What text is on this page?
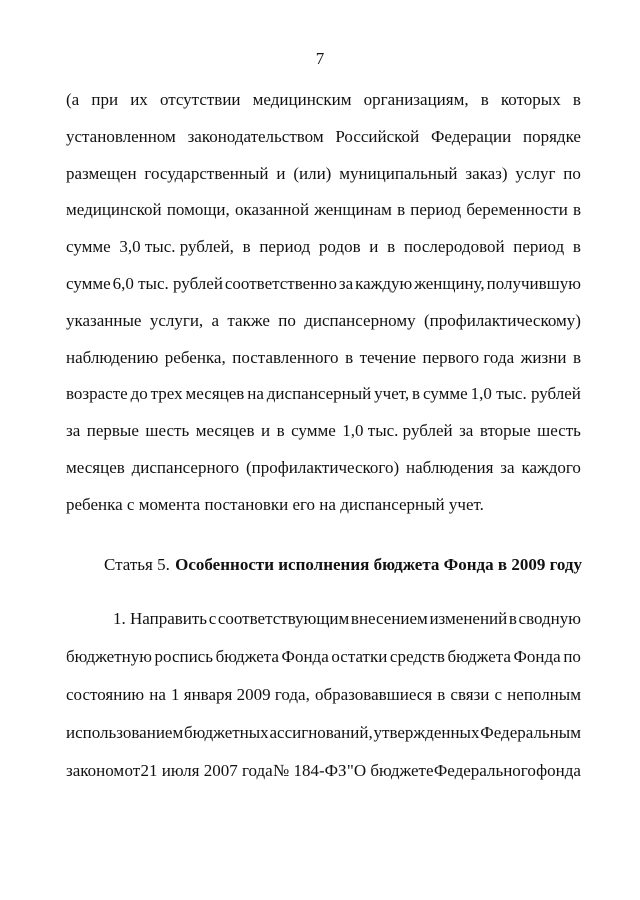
7
(а при их отсутствии медицинским организациям, в которых в
установленном законодательством Российской Федерации порядке
размещен государственный и (или) муниципальный заказ) услуг по
медицинской помощи, оказанной женщинам в период беременности в
сумме 3,0 тыс. рублей, в период родов и в послеродовой период в
сумме 6,0 тыс. рублей соответственно за каждую женщину, получившую
указанные услуги, а также по диспансерному (профилактическому)
наблюдению ребенка, поставленного в течение первого года жизни в
возрасте до трех месяцев на диспансерный учет, в сумме 1,0 тыс. рублей
за первые шесть месяцев и в сумме 1,0 тыс. рублей за вторые шесть
месяцев диспансерного (профилактического) наблюдения за каждого
ребенка с момента постановки его на диспансерный учет.
Статья 5. Особенности исполнения бюджета Фонда в 2009 году
1. Направить с соответствующим внесением изменений в сводную
бюджетную роспись бюджета Фонда остатки средств бюджета Фонда по
состоянию на 1 января 2009 года, образовавшиеся в связи с неполным
использованием бюджетных ассигнований, утвержденных Федеральным
законом от 21 июля 2007 года № 184-ФЗ "О бюджете Федерального фонда
